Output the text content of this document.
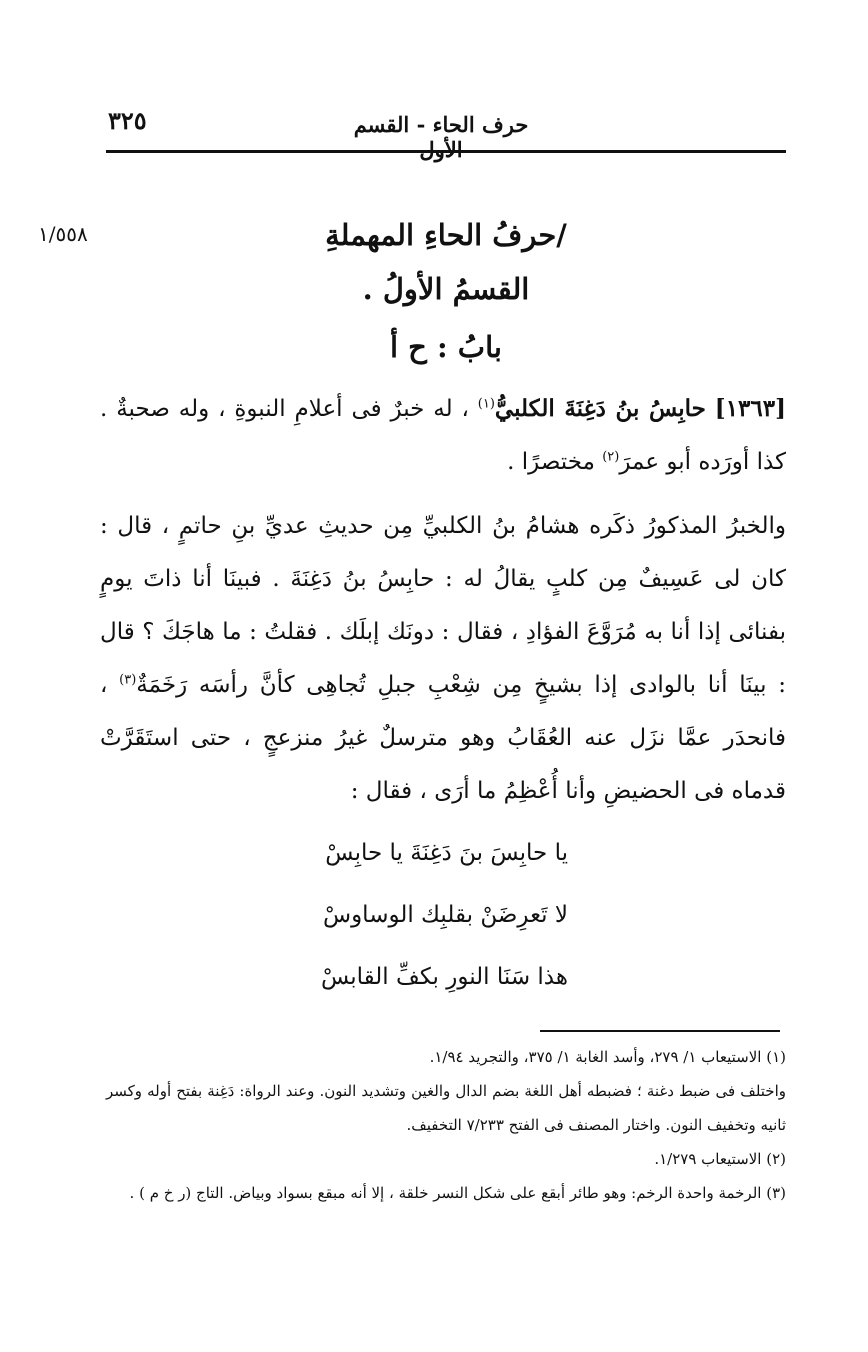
٣٢٥	حرف الحاء - القسم الأول
١/٥٥٨	/حرفُ الحاءِ المهملةِ
القسمُ الأولُ .
بابُ : ح أ
[١٣٦٣] حابِسُ بنُ دَغِنَةَ الكلبيُّ$^{(١)}$ ، له خبرٌ فى أعلامِ النبوةِ ، وله صحبةٌ . كذا أورَده أبو عمرَ$^{(٢)}$ مختصرًا .
والخبرُ المذكورُ ذكَره هشامُ بنُ الكلبيِّ مِن حديثِ عديِّ بنِ حاتمٍ ، قال : كان لى عَسِيفٌ مِن كلبٍ يقالُ له : حابِسُ بنُ دَغِنَةَ . فبينَا أنا ذاتَ يومٍ بفنائى إذا أنا به مُرَوَّعَ الفؤادِ ، فقال : دونَك إبلَك . فقلتُ : ما هاجَكَ ؟ قال : بينَا أنا بالوادى إذا بشيخٍ مِن شِعْبِ جبلِ تُجاهِى كأنَّ رأسَه رَخَمَةٌ$^{(٣)}$ ، فانحدَر عمَّا نزَل عنه العُقَابُ وهو مترسلٌ غيرُ منزعجٍ ، حتى استَقَرَّتْ قدماه فى الحضيضِ وأنا أُعْظِمُ ما أرَى ، فقال :
يا حابِسَ بنَ دَغِنَةَ يا حابِسْ
لا تَعرِضَنْ بقلبِك الوساوسْ
هذا سَنَا النورِ بكفِّ القابسْ

(١) الاستيعاب ١/ ٢٧٩، وأسد الغابة ١/ ٣٧٥، والتجريد ١/٩٤.

واختلف فى ضبط دغنة ؛ فضبطه أهل اللغة بضم الدال والغين وتشديد النون. وعند الرواة: دَغِنة بفتح أوله وكسر ثانيه وتخفيف النون. واختار المصنف فى الفتح ٧/٢٣٣ التخفيف.

(٢) الاستيعاب ١/٢٧٩.

(٣) الرخمة واحدة الرخم: وهو طائر أبقع على شكل النسر خلقة ، إلا أنه مبقع بسواد وبياض. التاج (ر خ م ) .
